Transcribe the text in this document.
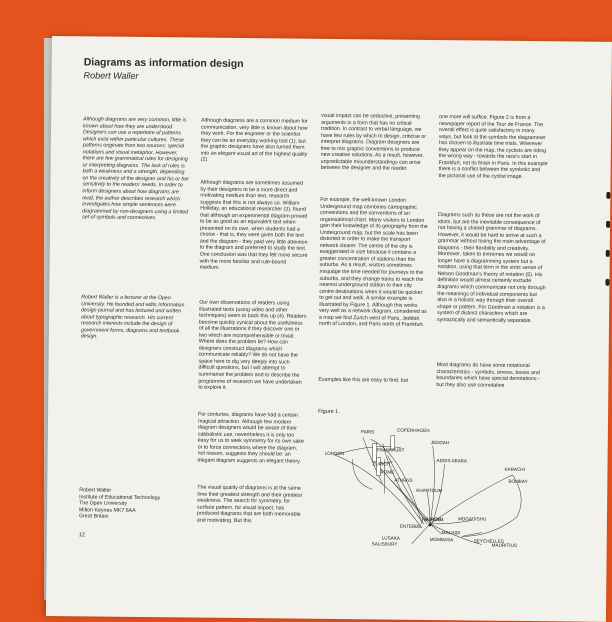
Diagrams as information design
Robert Waller
Although diagrams are very common, little is known about how they are understood. Designers can use a repertoire of patterns which exist within particular cultures. These patterns originate from two sources: special notations and visual metaphor. However, there are few grammatical rules for designing or interpreting diagrams. The lack of rules is both a weakness and a strength, depending on the creativity of the designer and his or her sensitivity to the readers' needs. In order to inform designers about how diagrams are read, the author describes research which investigates how simple sentences were diagrammed by non-designers using a limited set of symbols and connectives.
Robert Waller is a lecturer at the Open University. He founded and edits Information design journal and has lectured and written about typographic research. His current research interests include the design of government forms, diagrams and textbook design.
Robert Waller
Institute of Educational Technology
The Open University
Milton Keynes MK7 6AA
Great Britain
12
Although diagrams are a common medium for communication, very little is known about how they work. For the engineer or the scientist they can be an everyday working tool (1), but the graphic designers have also turned them into an elegant visual art of the highest quality (2).
Although diagrams are sometimes assumed by their designers to be a more direct and motivating medium than text, research suggests that this is not always so. William Holliday, an educational researcher (3), found that although an experimental diagram proved to be as good as an equivalent text when presented on its own, when students had a choice - that is, they were given both the text and the diagram - they paid very little attention to the diagram and preferred to study the text. One conclusion was that they felt more secure with the more familiar and rule-bound medium.
Our own observations of readers using illustrated texts (using video and other techniques) seem to back this up (4). Readers become quickly cynical about the usefulness of all the illustrations if they discover one or two which are incomprehensible or trivial. Where does the problem lie? How can designers construct diagrams which communicate reliably? We do not have the space here to dig very deeply into such difficult questions, but I will attempt to summarise the problem and to describe the programme of research we have undertaken to explore it.
For centuries, diagrams have had a certain magical attraction. Although few modern diagram designers would be aware of their cabbalistic use, nevertheless it is only too easy for us to seek symmetry for its own sake or to force connections where the diagram, not reason, suggests they should be: an elegant diagram suggests an elegant theory.
The visual quality of diagrams is at the same time their greatest strength and their greatest weakness. The search for symmetry, for surface pattern, for visual impact, has produced diagrams that are both memorable and motivating. But this
visual impact can be seductive, presenting arguments in a form that has no critical tradition. In contrast to verbal language, we have few rules by which to design, criticise or interpret diagrams. Diagram designers are free to mix graphic conventions to produce new creative solutions. As a result, however, unpredictable misunderstandings can arise between the designer and the reader.
For example, the well-known London Underground map combines cartographic conventions and the conventions of an organisational chart. Many visitors to London gain their knowledge of its geography from the Underground map, but the scale has been distorted in order to make the transport network clearer. The centre of the city is exaggerated in size because it contains a greater concentration of stations than the suburbs. As a result, visitors sometimes misjudge the time needed for journeys to the suburbs, and they change trains to reach the nearest underground station to their city centre destinations when it would be quicker to get out and walk. A similar example is illustrated by Figure 1. Although this works very well as a network diagram, considered as a map we find Zurich west of Paris, Jeddah north of London, and Paris north of Frankfurt.
Examples like this are easy to find, but
Figure 1.
one more will suffice. Figure 2 is from a newspaper report of the Tour de France. The overall effect is quite satisfactory in many ways, but look at the symbols the diagrammer has chosen to illustrate time trials. Wherever they appear on the map, the cyclists are riding the wrong way - towards the race's start in Frankfurt, not its finish in Paris. In this example there is a conflict between the symbolic and the pictorial use of the cyclist image.
Diagrams such as these are not the work of idiots, but are the inevitable consequence of not having a shared grammar of diagrams. However, it would be hard to arrive at such a grammar without losing the main advantage of diagrams - their flexibility and creativity. Moreover, taken to extremes we would no longer have a diagramming system but a notation, using that term in the strict sense of Nelson Goodman's theory of notation (5). His definition would almost certainly exclude diagrams which communicate not only through the meanings of individual components but also in a holistic way through their overall shape or pattern. For Goodman a notation is a system of distinct characters which are syntactically and semantically separable.
Most diagrams do have some notational characteristics - symbols, arrows, boxes and boundaries which have special denotations - but they also use connotative
PARIS	COPENHAGEN
LONDON
FRANKFURT
ZURICH
ROME
ATHENS
JEDDAH
ADDIS ABABA
KARACHI
BOMBAY
KHARTOUM
NAIROBI	MOGADISHU
ENTEBBE
MALINDI
MOMBASA	SEYCHELLES
LUSAKA
SALISBURY	MAURITIUS
